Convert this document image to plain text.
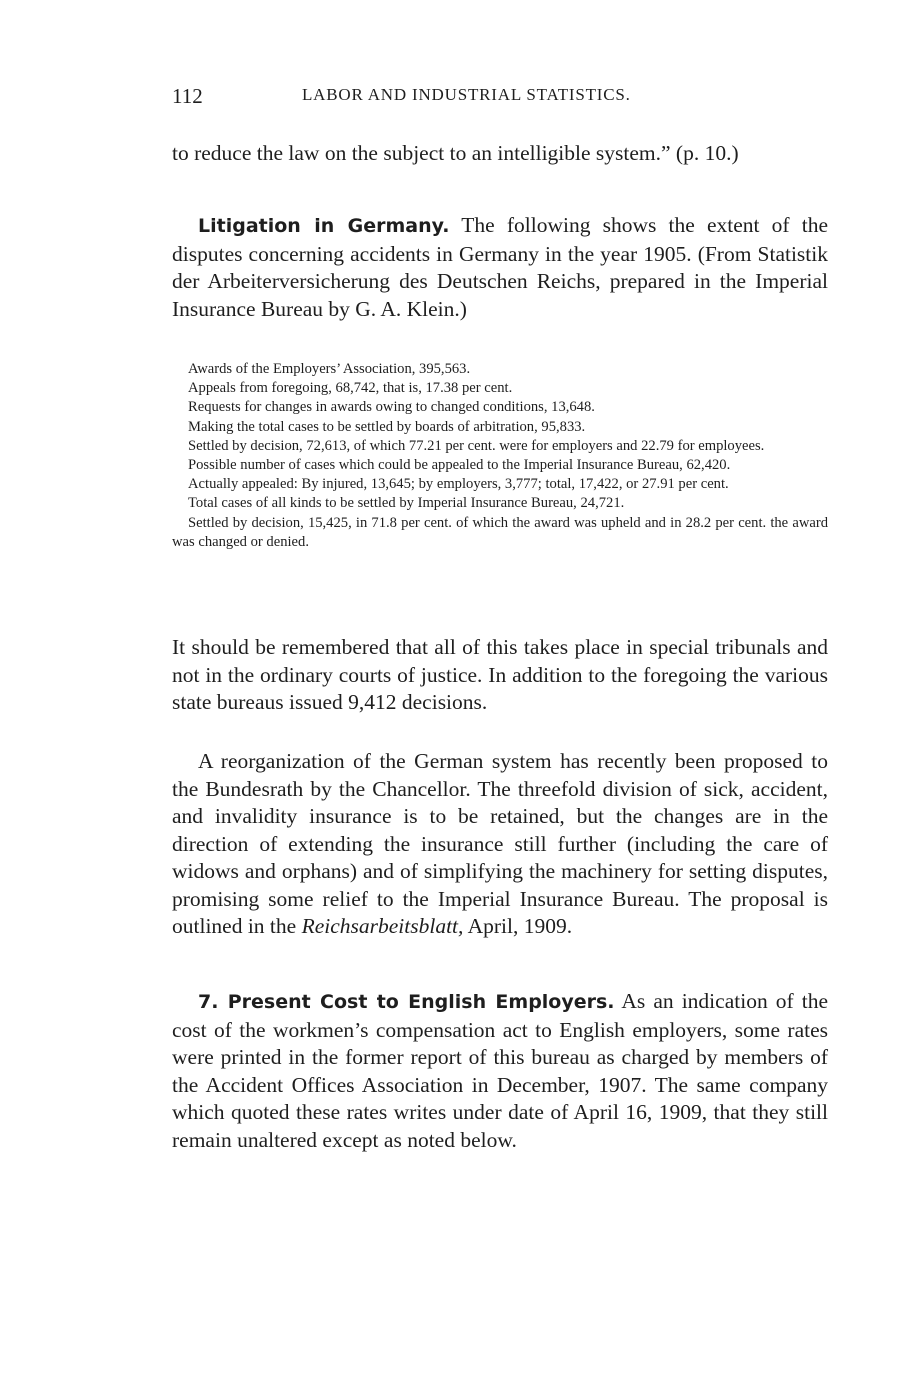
112	LABOR AND INDUSTRIAL STATISTICS.

to reduce the law on the subject to an intelligible system.” (p. 10.)

Litigation in Germany. The following shows the extent of the disputes concerning accidents in Germany in the year 1905. (From Statistik der Arbeiterversicherung des Deutschen Reichs, prepared in the Imperial Insurance Bureau by G. A. Klein.)

Awards of the Employers’ Association, 395,563.
Appeals from foregoing, 68,742, that is, 17.38 per cent.
Requests for changes in awards owing to changed conditions, 13,648.
Making the total cases to be settled by boards of arbitration, 95,833.
Settled by decision, 72,613, of which 77.21 per cent. were for employers and 22.79 for employees.
Possible number of cases which could be appealed to the Imperial Insurance Bureau, 62,420.
Actually appealed: By injured, 13,645; by employers, 3,777; total, 17,422, or 27.91 per cent.
Total cases of all kinds to be settled by Imperial Insurance Bureau, 24,721.
Settled by decision, 15,425, in 71.8 per cent. of which the award was upheld and in 28.2 per cent. the award was changed or denied.

It should be remembered that all of this takes place in special tribunals and not in the ordinary courts of justice. In addition to the foregoing the various state bureaus issued 9,412 decisions.

A reorganization of the German system has recently been proposed to the Bundesrath by the Chancellor. The threefold division of sick, accident, and invalidity insurance is to be retained, but the changes are in the direction of extending the insurance still further (including the care of widows and orphans) and of simplifying the machinery for setting disputes, promising some relief to the Imperial Insurance Bureau. The proposal is outlined in the Reichsarbeitsblatt, April, 1909.

7. Present Cost to English Employers. As an indication of the cost of the workmen’s compensation act to English employers, some rates were printed in the former report of this bureau as charged by members of the Accident Offices Association in December, 1907. The same company which quoted these rates writes under date of April 16, 1909, that they still remain unaltered except as noted below.
